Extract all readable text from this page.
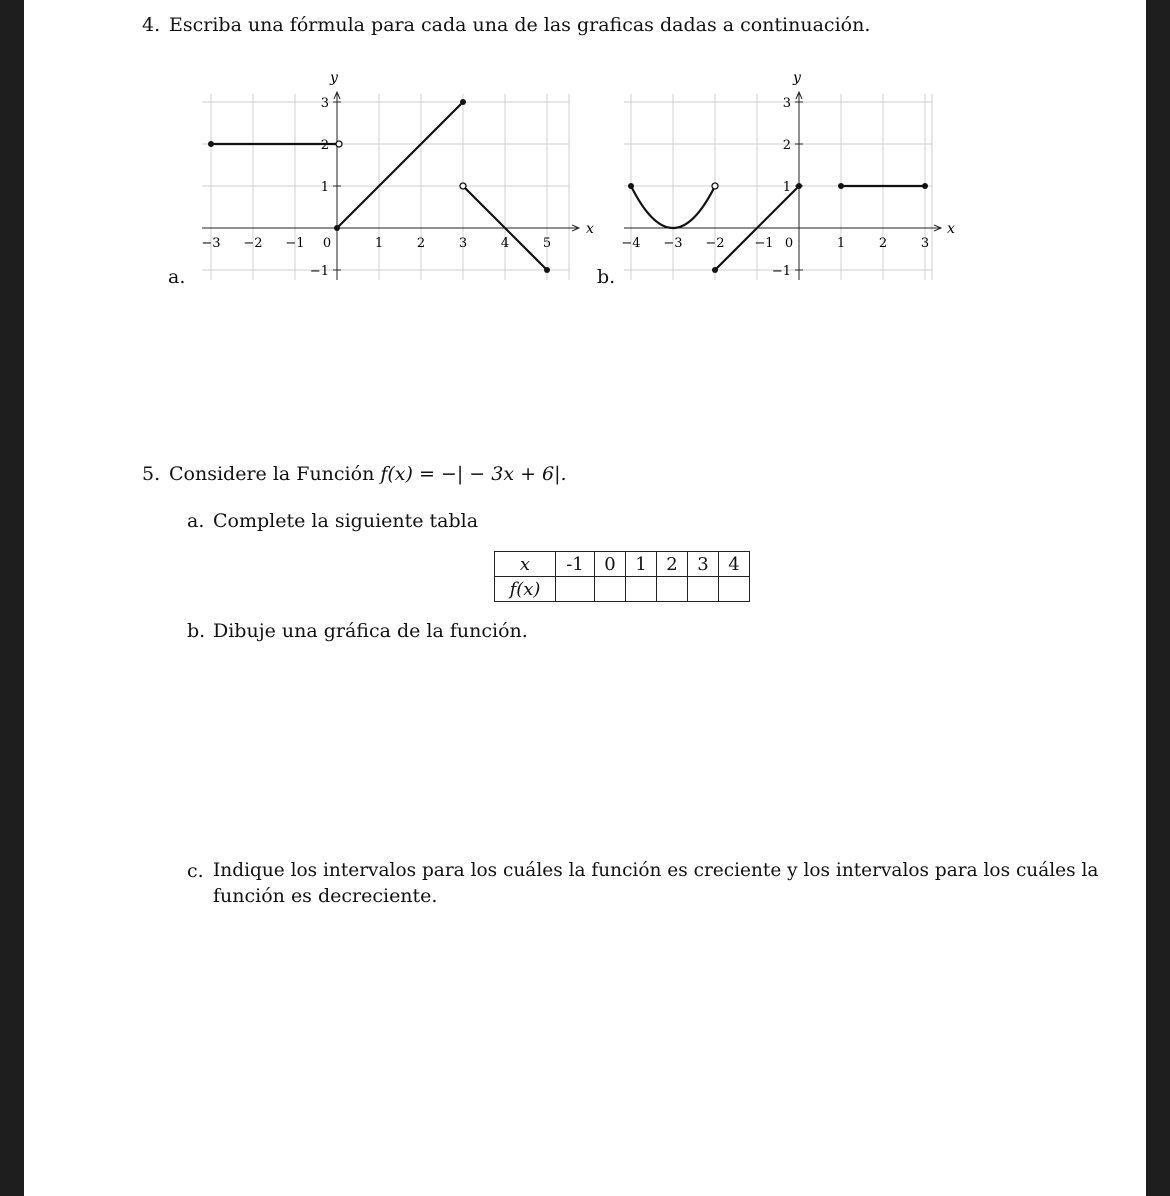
4. Escriba una fórmula para cada una de las graficas dadas a continuación.
a.	b.
x
y
−3 −2 −1 0	1	2	3	4	5
3
2
1
−1
x
y
−4 −3 −2 −1 0	1	2	3
3
2
1
−1
5. Considere la Función f(x) = −| − 3x + 6|.
a. Complete la siguiente tabla
x	-1	0	1	2	3	4
f(x)						
b. Dibuje una gráfica de la función.
c. Indique los intervalos para los cuáles la función es creciente y los intervalos para los cuáles la
función es decreciente.
